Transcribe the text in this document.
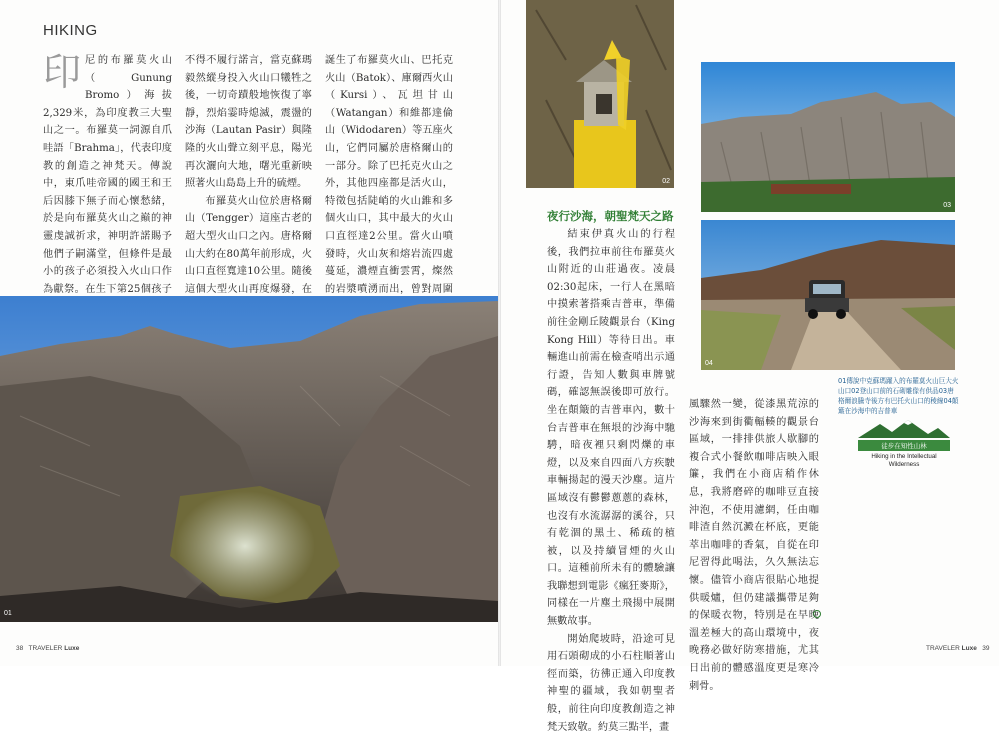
HIKING
印 尼的布羅莫火山（Gunung Bromo）海拔2,329米，為印度教三大聖山之一。布羅莫一詞源自爪哇語「Brahma」，代表印度教的創造之神梵天。傳說中，東爪哇帝國的國王和王后因膝下無子而心懷愁緒，於是向布羅莫火山之巔的神靈虔誠祈求，神明許諾賜予他們子嗣滿堂，但條件是最小的孩子必須投入火山口作為獻祭。在生下第25個孩子

不得不履行諾言，當克蘇瑪毅然縱身投入火山口犧牲之後，一切奇蹟般地恢復了寧靜，烈焰霎時熄滅，震盪的沙海（Lautan Pasir）與隆隆的火山聲立刻平息，陽光再次灑向大地，曙光重新映照著火山島島上升的硫煙。

布羅莫火山位於唐格爾山（Tengger）這座古老的超大型火山口之內。唐格爾山大約在80萬年前形成，火山口直徑寬達10公里。隨後這個大型火山再度爆發，在

誕生了布羅莫火山、巴托克火山（Batok）、庫爾西火山（Kursi）、瓦坦甘山（Watangan）和維都達倫山（Widodaren）等五座火山，它們同屬於唐格爾山的一部分。除了巴托克火山之外，其他四座都是活火山，特徵包括陡峭的火山錐和多個火山口，其中最大的火山口直徑達2公里。當火山噴發時，火山灰和熔岩流四處蔓延，濃煙直衝雲霄，燦然的岩漿噴湧而出，曾對周圍

02
03
04
夜行沙海，朝聖梵天之路

結束伊真火山的行程後，我們拉車前往布羅莫火山附近的山莊過夜。凌晨02:30起床，一行人在黑暗中摸索著搭乘吉普車，準備前往金剛丘陵觀景台（King Kong Hill）等待日出。車輛進山前需在檢查哨出示通行證，告知人數與車牌號碼，確認無誤後即可放行。坐在顛簸的吉普車內，數十台吉普車在無垠的沙海中馳騁，暗夜裡只剩閃爍的車燈，以及來自四面八方疾駛車輛揚起的漫天沙塵。這片區域沒有鬱鬱蔥蔥的森林，也沒有水流潺潺的溪谷，只有乾涸的黑土、稀疏的植被，以及持續冒煙的火山口。這種前所未有的體驗讓我聯想到電影《瘋狂麥斯》，同樣在一片塵土飛揚中展開無數故事。

開始爬坡時，沿途可見用石頭砌成的小石柱順著山徑而築，彷彿正通入印度教神聖的疆域，我如朝聖者般，前往向印度教創造之神梵天致敬。約莫三點半，畫

風驟然一變，從漆黑荒涼的沙海來到街衢輻輳的觀景台區域，一排排供旅人歇腳的複合式小餐飲咖啡店映入眼簾，我們在小商店稍作休息，我將磨碎的咖啡豆直接沖泡，不使用濾網，任由咖啡渣自然沉澱在杯底，更能萃出咖啡的香氣，自從在印尼習得此喝法，久久無法忘懷。儘管小商店很貼心地提供暖爐，但仍建議攜帶足夠的保暖衣物，特別是在早晚溫差極大的高山環境中，夜晚務必做好防寒措施，尤其日出前的體感溫度更是寒冷刺骨。

01傳說中克蘇瑪躍入的布羅莫火山巨大火山口02登山口前的石砌雕像有供品03唐格爾浪騰寺後方有巴托火山口的稜線04顛簸在沙海中的吉普車
徒步在知性山林
Hiking in the Intellectual Wilderness
38 TRAVELER Luxe	TRAVELER Luxe 39
01
